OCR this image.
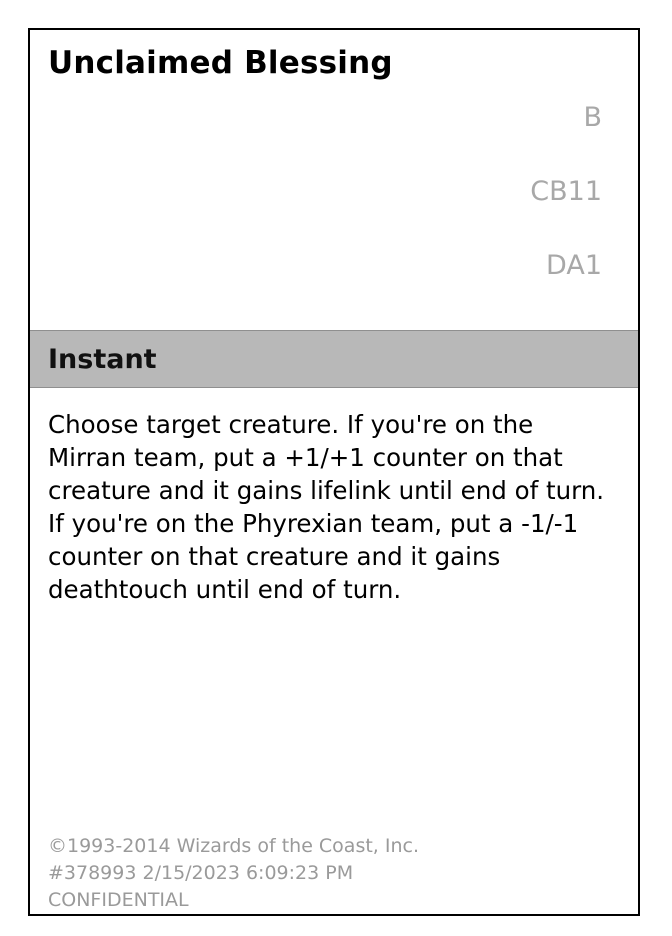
Unclaimed Blessing
B
CB11
DA1
Instant
Choose target creature. If you're on the Mirran team, put a +1/+1 counter on that creature and it gains lifelink until end of turn. If you're on the Phyrexian team, put a -1/-1 counter on that creature and it gains deathtouch until end of turn.
©1993-2014 Wizards of the Coast, Inc.
#378993 2/15/2023 6:09:23 PM
CONFIDENTIAL
